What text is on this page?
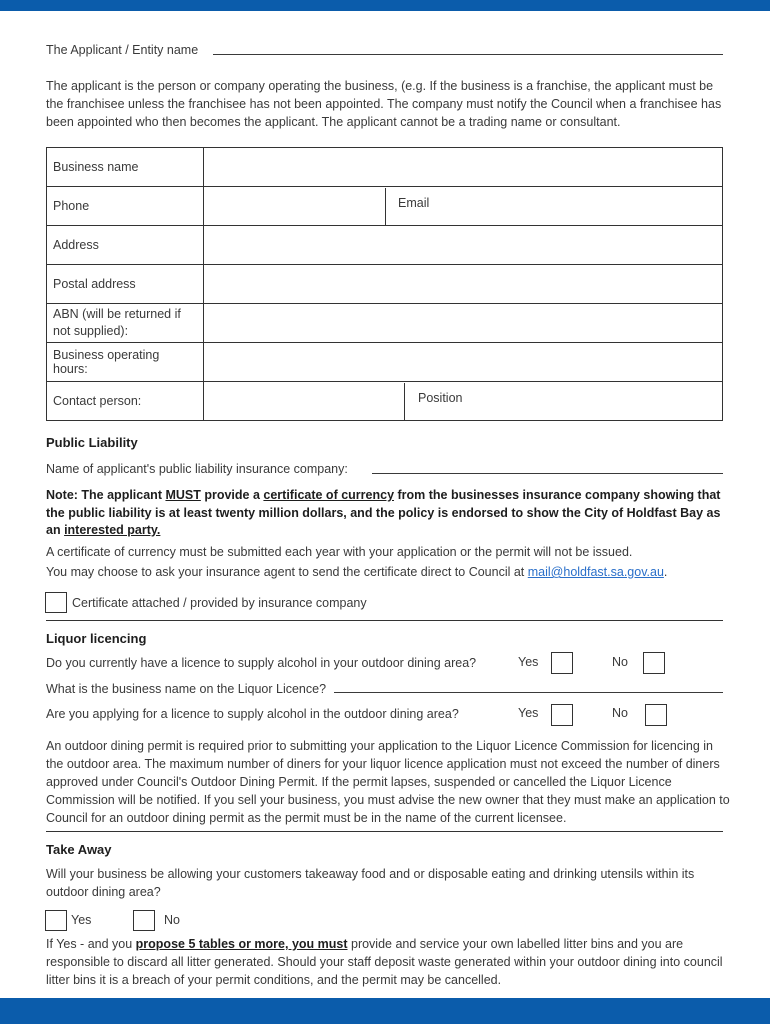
The Applicant / Entity name

The applicant is the person or company operating the business, (e.g. If the business is a franchise, the applicant must be the franchisee unless the franchisee has not been appointed. The company must notify the Council when a franchisee has been appointed who then becomes the applicant. The applicant cannot be a trading name or consultant.

Business name	
Phone	Email

Address	
Postal address	
ABN (will be returned if not supplied):	
Business operating hours:	
Contact person:	Position
Public Liability
Name of applicant's public liability insurance company:

Note: The applicant MUST provide a certificate of currency from the businesses insurance company showing that the public liability is at least twenty million dollars, and the policy is endorsed to show the City of Holdfast Bay as an interested party.

A certificate of currency must be submitted each year with your application or the permit will not be issued.

You may choose to ask your insurance agent to send the certificate direct to Council at mail@holdfast.sa.gov.au.

Certificate attached / provided by insurance company
Liquor licencing
Do you currently have a licence to supply alcohol in your outdoor dining area?	Yes	No
What is the business name on the Liquor Licence?
Are you applying for a licence to supply alcohol in the outdoor dining area?	Yes	No

An outdoor dining permit is required prior to submitting your application to the Liquor Licence Commission for licencing in the outdoor area. The maximum number of diners for your liquor licence application must not exceed the number of diners approved under Council's Outdoor Dining Permit. If the permit lapses, suspended or cancelled the Liquor Licence Commission will be notified. If you sell your business, you must advise the new owner that they must make an application to Council for an outdoor dining permit as the permit must be in the name of the current licensee.

Take Away

Will your business be allowing your customers takeaway food and or disposable eating and drinking utensils within its outdoor dining area?

Yes	No

If Yes - and you propose 5 tables or more, you must provide and service your own labelled litter bins and you are responsible to discard all litter generated. Should your staff deposit waste generated within your outdoor dining into council litter bins it is a breach of your permit conditions, and the permit may be cancelled.
